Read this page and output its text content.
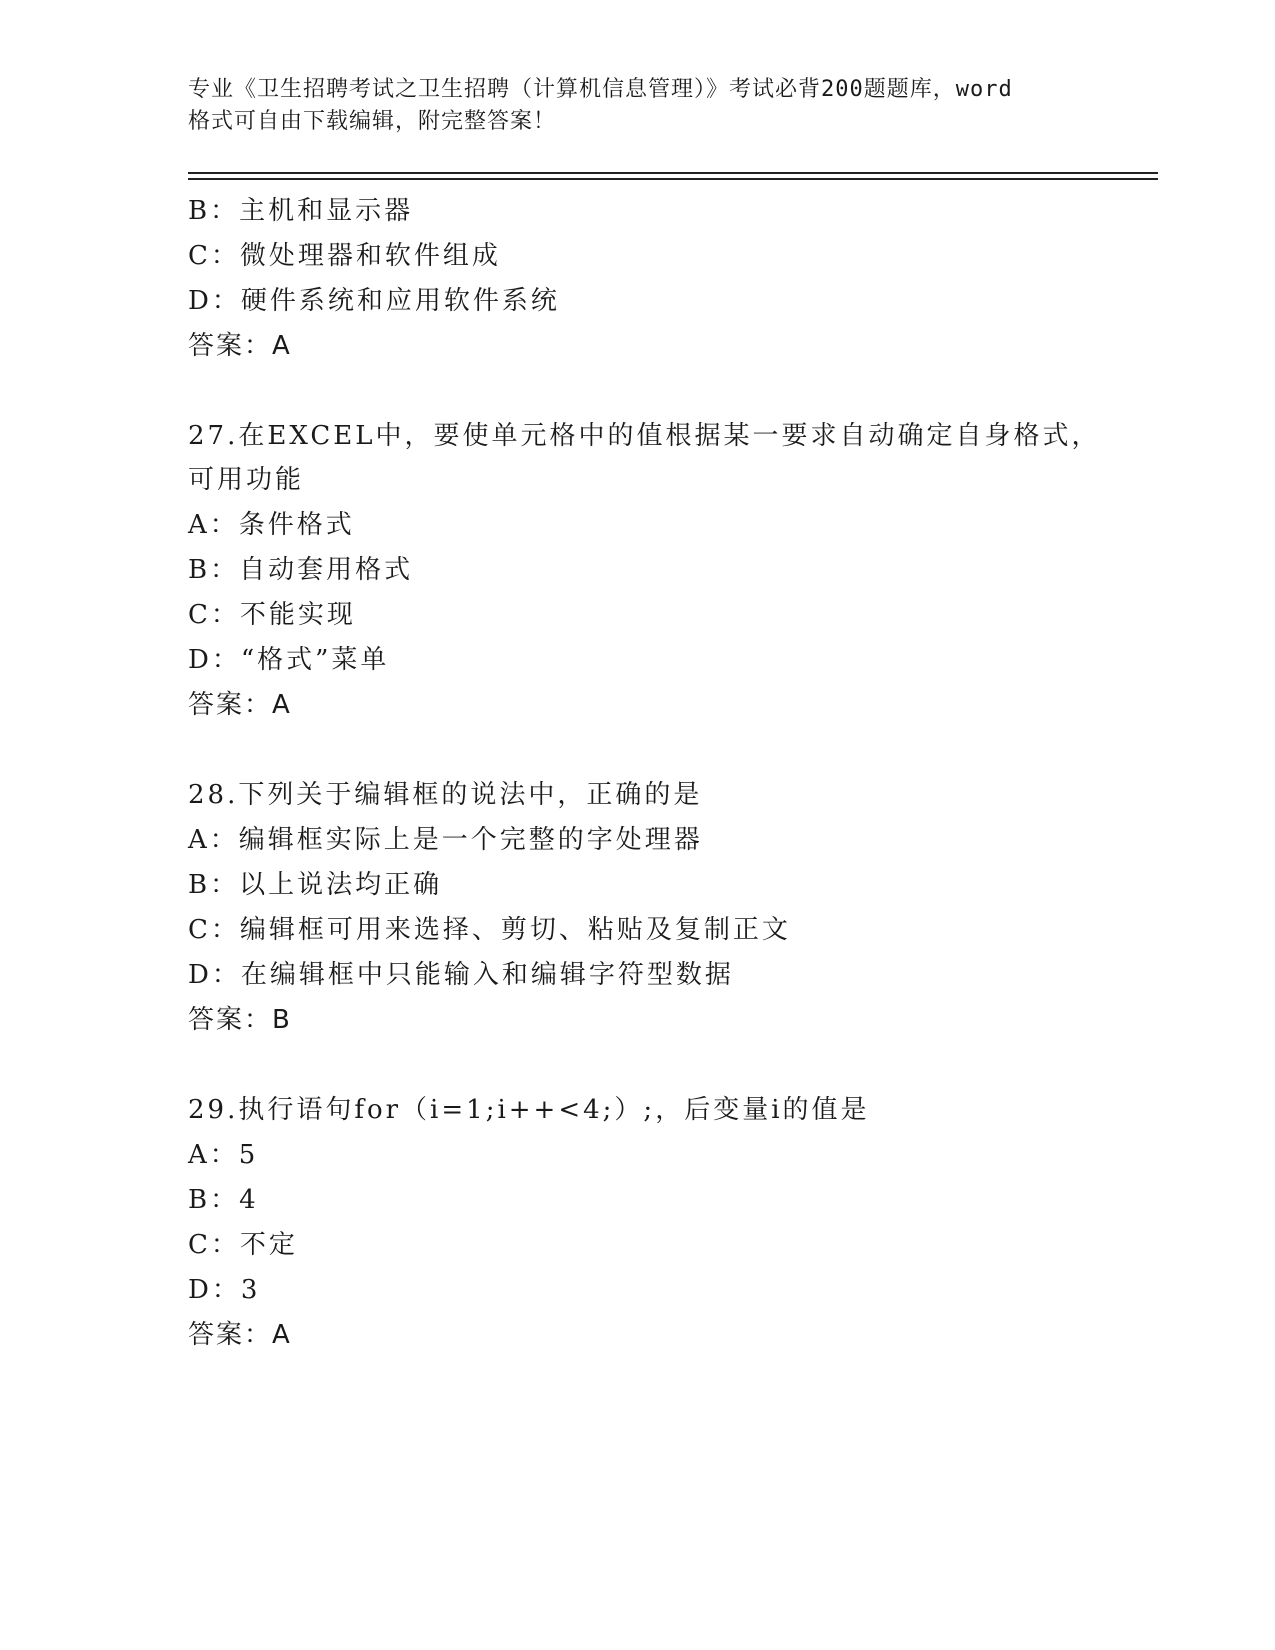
专业《卫生招聘考试之卫生招聘（计算机信息管理）》考试必背200题题库，word
格式可自由下载编辑，附完整答案！
B：主机和显示器
C：微处理器和软件组成
D：硬件系统和应用软件系统
答案：A
27.在EXCEL中，要使单元格中的值根据某一要求自动确定自身格式，
可用功能
A：条件格式
B：自动套用格式
C：不能实现
D：“格式”菜单
答案：A
28.下列关于编辑框的说法中，正确的是
A：编辑框实际上是一个完整的字处理器
B：以上说法均正确
C：编辑框可用来选择、剪切、粘贴及复制正文
D：在编辑框中只能输入和编辑字符型数据
答案：B
29.执行语句for（i=1;i++<4;）;，后变量i的值是
A：5
B：4
C：不定
D：3
答案：A
